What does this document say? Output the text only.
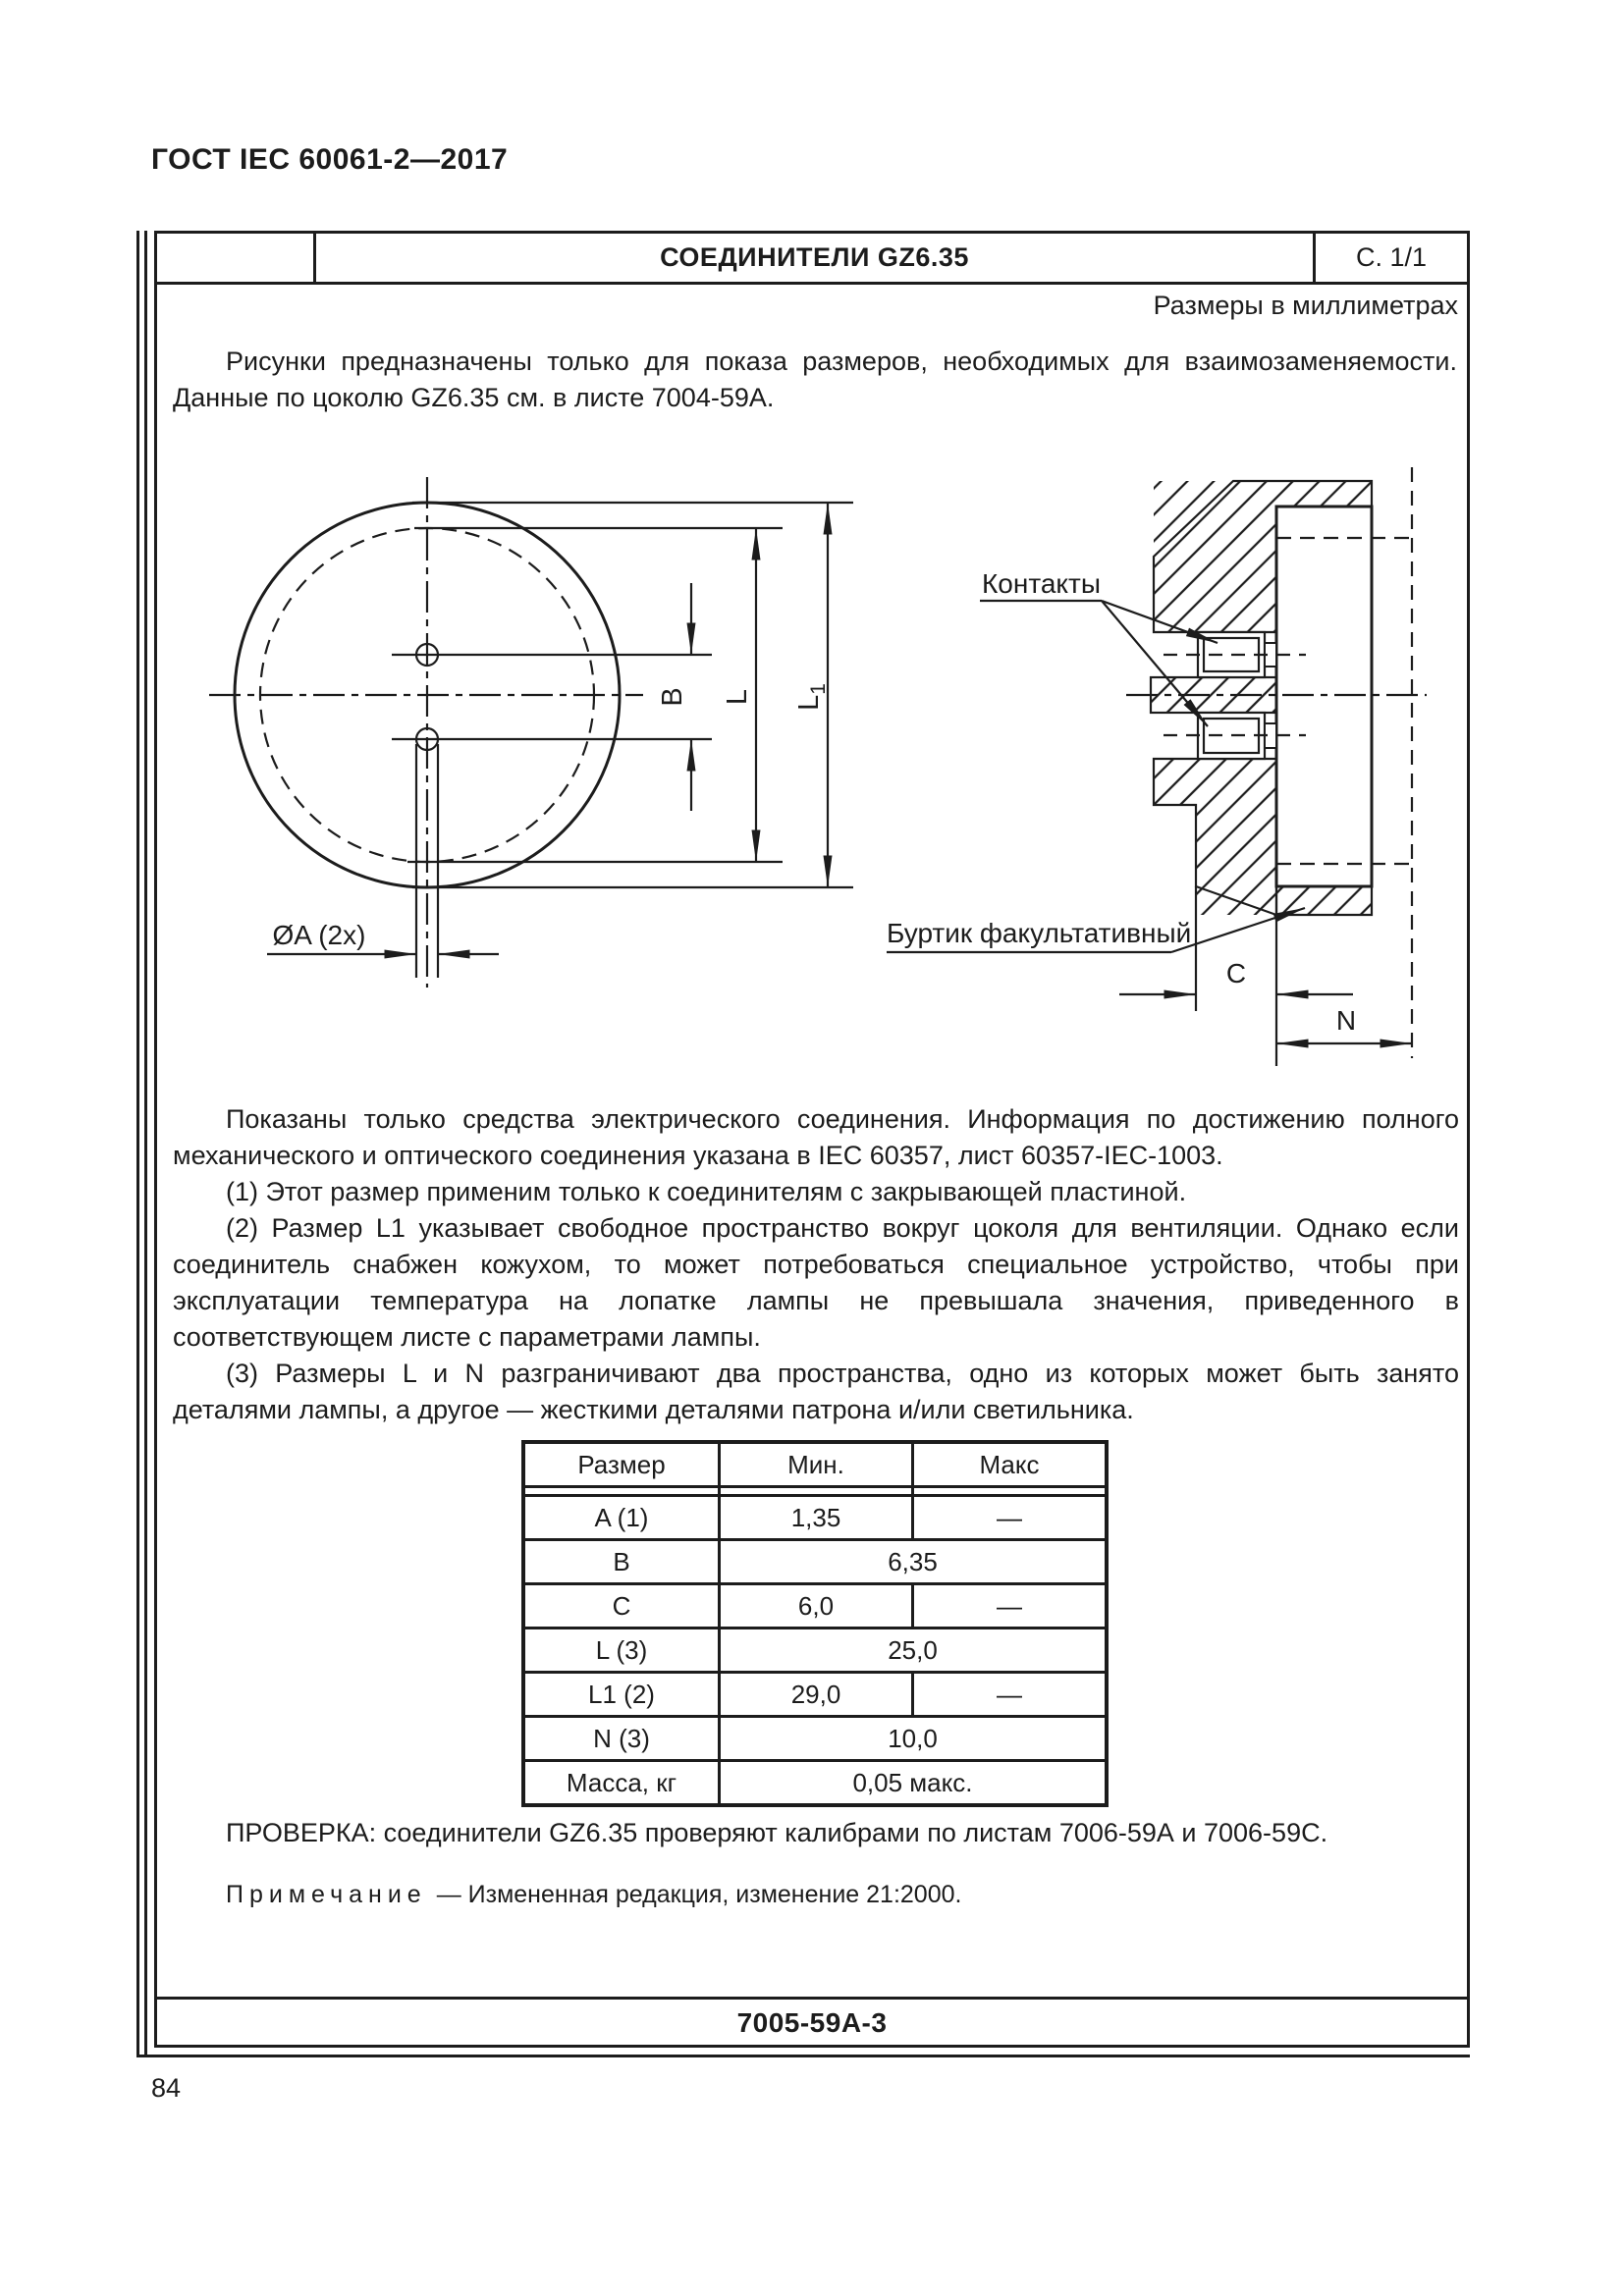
ГОСТ IEC 60061-2—2017
СОЕДИНИТЕЛИ GZ6.35	С. 1/1
Размеры в миллиметрах
Рисунки предназначены только для показа размеров, необходимых для взаимозаменяемости. Данные по цоколю GZ6.35 см. в листе 7004-59А.
ØA (2x)
B L $L_1$
Контакты
Буртик факультативный
C
N

Показаны только средства электрического соединения. Информация по достижению полного механического и оптического соединения указана в IEC 60357, лист 60357-IEC-1003.

(1) Этот размер применим только к соединителям с закрывающей пластиной.

(2) Размер L1 указывает свободное пространство вокруг цоколя для вентиляции. Однако если соединитель снабжен кожухом, то может потребоваться специальное устройство, чтобы при эксплуатации температура на лопатке лампы не превышала значения, приведенного в соответствующем листе с параметрами лампы.

(3) Размеры L и N разграничивают два пространства, одно из которых может быть занято деталями лампы, а другое — жесткими деталями патрона и/или светильника.

Размер	Мин.	Макс

A (1)	1,35	—
B	6,35	
C	6,0	—
L (3)	25,0	
L1 (2)	29,0	—
N (3)	10,0	
Масса, кг	0,05 макс.	
ПРОВЕРКА: соединители GZ6.35 проверяют калибрами по листам 7006-59А и 7006-59С.
Примечание — Измененная редакция, изменение 21:2000.
7005-59А-3
84
